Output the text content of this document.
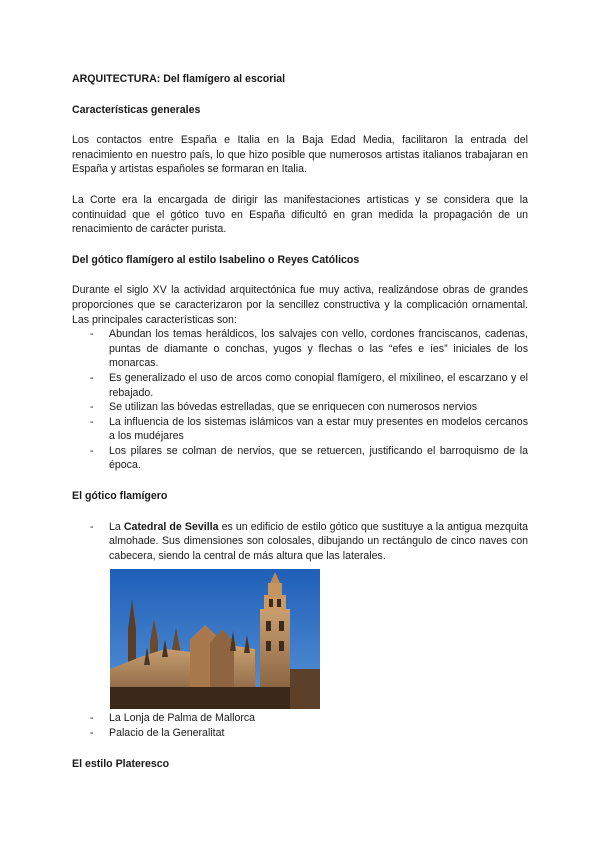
ARQUITECTURA: Del flamígero al escorial

Características generales

Los contactos entre España e Italia en la Baja Edad Media, facilitaron la entrada del renacimiento en nuestro país, lo que hizo posible que numerosos artistas italianos trabajaran en España y artistas españoles se formaran en Italia.

La Corte era la encargada de dirigir las manifestaciones artísticas y se considera que la continuidad que el gótico tuvo en España dificultó en gran medida la propagación de un renacimiento de carácter purista.

Del gótico flamígero al estilo Isabelino o Reyes Católicos

Durante el siglo XV la actividad arquitectónica fue muy activa, realizándose obras de grandes proporciones que se caracterizaron por la sencillez constructiva y la complicación ornamental. Las principales características son:

- Abundan los temas heráldicos, los salvajes con vello, cordones franciscanos, cadenas, puntas de diamante o conchas, yugos y flechas o las “efes e íes” iniciales de los monarcas.
- Es generalizado el uso de arcos como conopial flamígero, el mixilineo, el escarzano y el rebajado.
- Se utilizan las bóvedas estrelladas, que se enriquecen con numerosos nervios
- La influencia de los sistemas islámicos van a estar muy presentes en modelos cercanos a los mudéjares
- Los pilares se colman de nervios, que se retuercen, justificando el barroquismo de la época.

El gótico flamígero

- La Catedral de Sevilla es un edificio de estilo gótico que sustituye a la antigua mezquita almohade. Sus dimensiones son colosales, dibujando un rectángulo de cinco naves con cabecera, siendo la central de más altura que las laterales.
- La Lonja de Palma de Mallorca
- Palacio de la Generalitat

El estilo Plateresco
